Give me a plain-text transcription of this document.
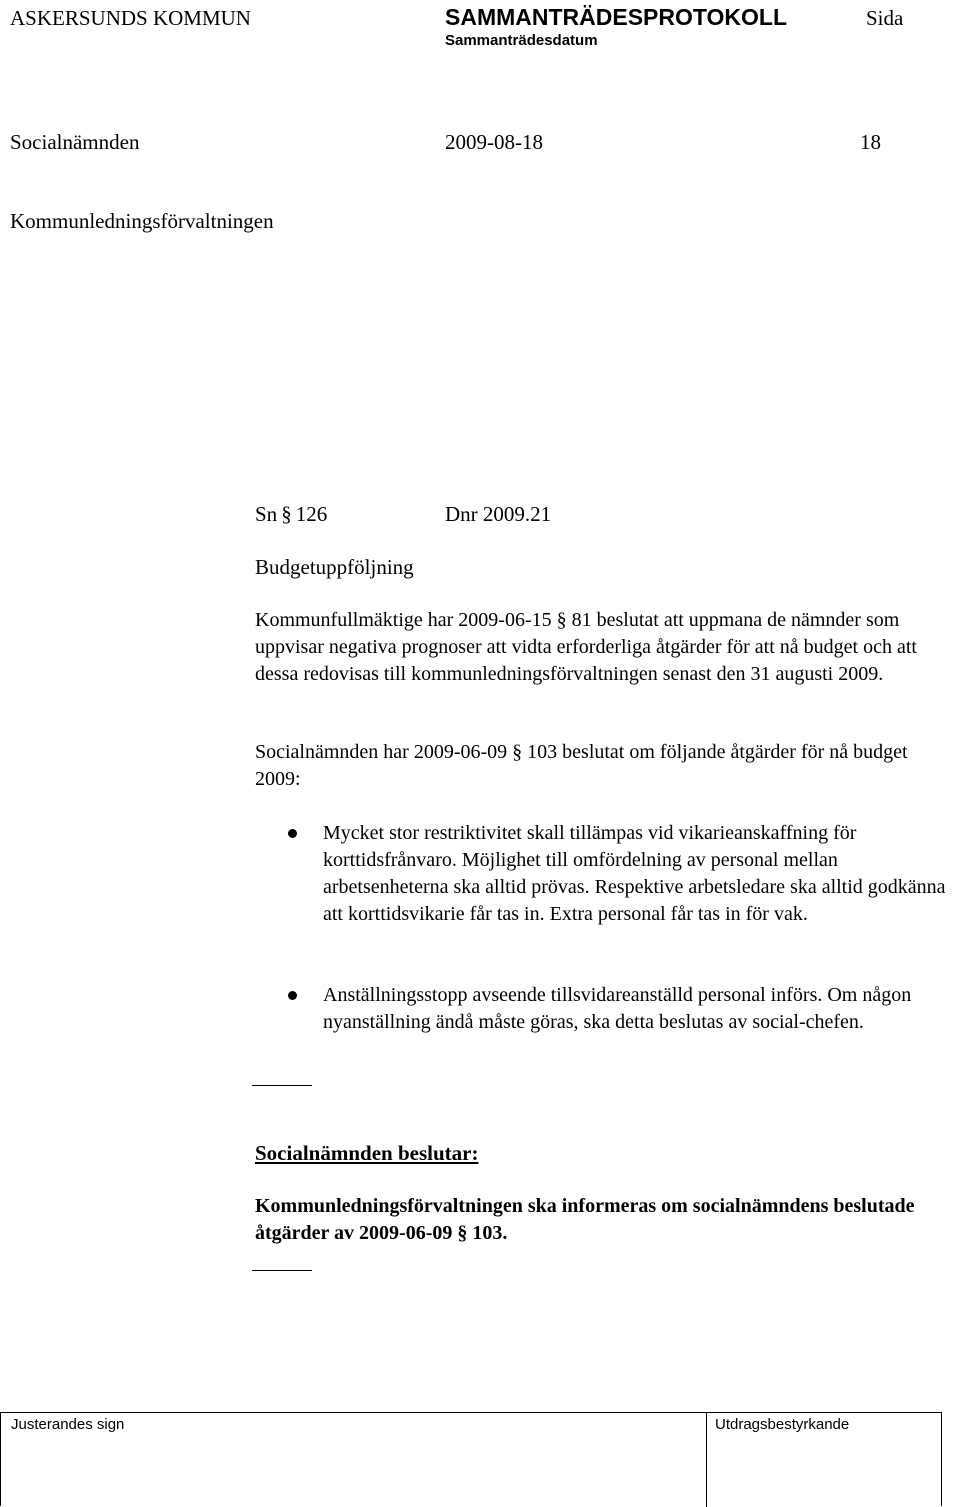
ASKERSUNDS KOMMUN	SAMMANTRÄDESPROTOKOLL	Sida
Sammanträdesdatum
Socialnämnden	2009-08-18	18
Kommunledningsförvaltningen
Sn § 126	Dnr 2009.21
Budgetuppföljning
Kommunfullmäktige har 2009-06-15 § 81 beslutat att uppmana de nämnder som uppvisar negativa prognoser att vidta erforderliga åtgärder för att nå budget och att dessa redovisas till kommunledningsförvaltningen senast den 31 augusti 2009.
Socialnämnden har 2009-06-09 § 103 beslutat om följande åtgärder för nå budget 2009:
Mycket stor restriktivitet skall tillämpas vid vikarieanskaffning för korttidsfrånvaro. Möjlighet till omfördelning av personal mellan arbetsenheterna ska alltid prövas. Respektive arbetsledare ska alltid godkänna att korttidsvikarie får tas in. Extra personal får tas in för vak.
Anställningsstopp avseende tillsvidareanställd personal införs. Om någon nyanställning ändå måste göras, ska detta beslutas av social-chefen.
Socialnämnden beslutar:
Kommunledningsförvaltningen ska informeras om socialnämndens beslutade åtgärder av 2009-06-09 § 103.
Justerandes sign	Utdragsbestyrkande
